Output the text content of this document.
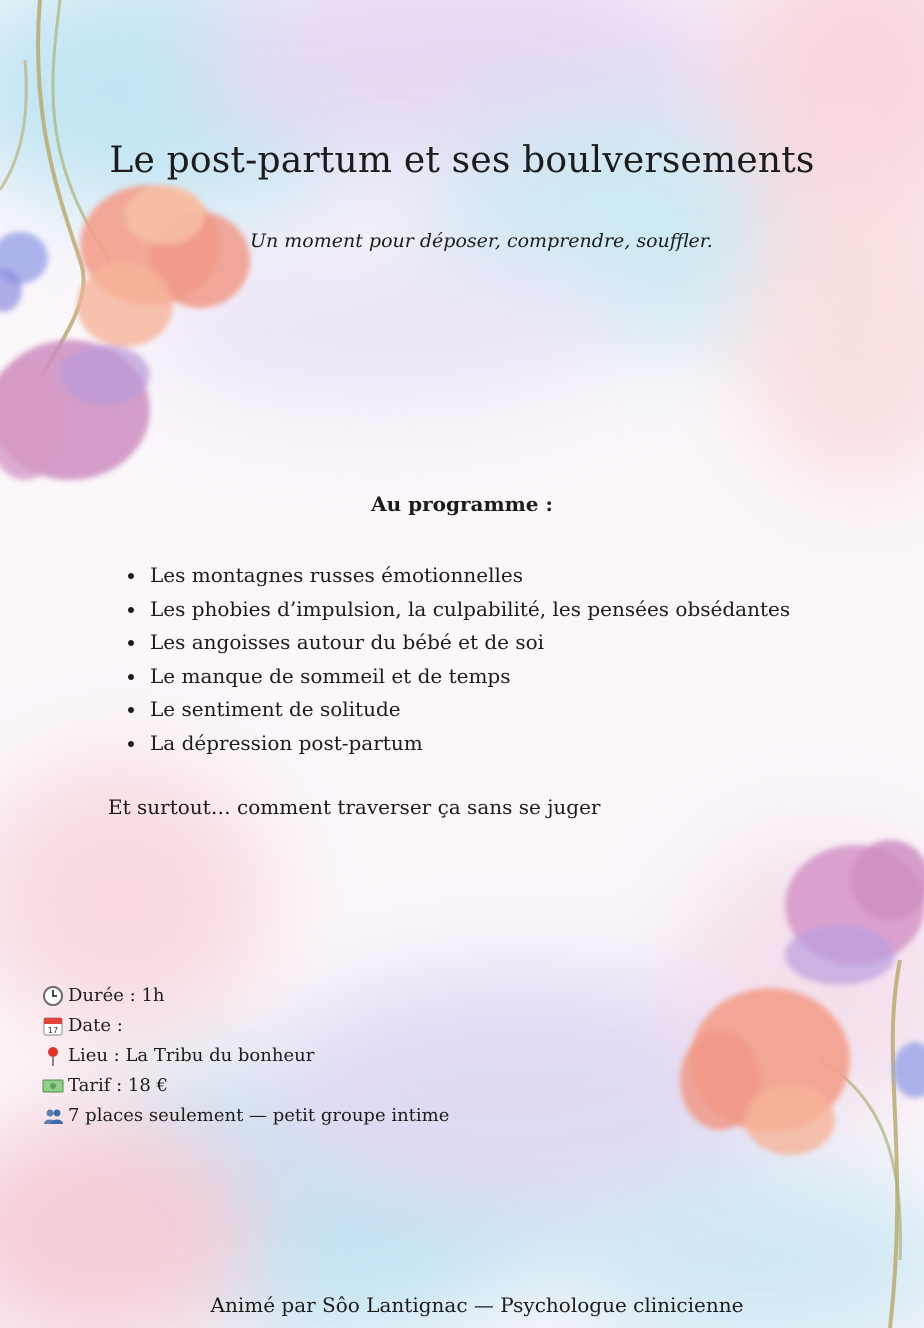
Le post-partum et ses boulversements

Un moment pour déposer, comprendre, souffler.

Au programme :
Les montagnes russes émotionnelles
Les phobies d’impulsion, la culpabilité, les pensées obsédantes
Les angoisses autour du bébé et de soi
Le manque de sommeil et de temps
Le sentiment de solitude
La dépression post-partum

Et surtout… comment traverser ça sans se juger

Durée : 1h
17 Date :
Lieu : La Tribu du bonheur
Tarif : 18 €
7 places seulement — petit groupe intime

Animé par Sôo Lantignac — Psychologue clinicienne
